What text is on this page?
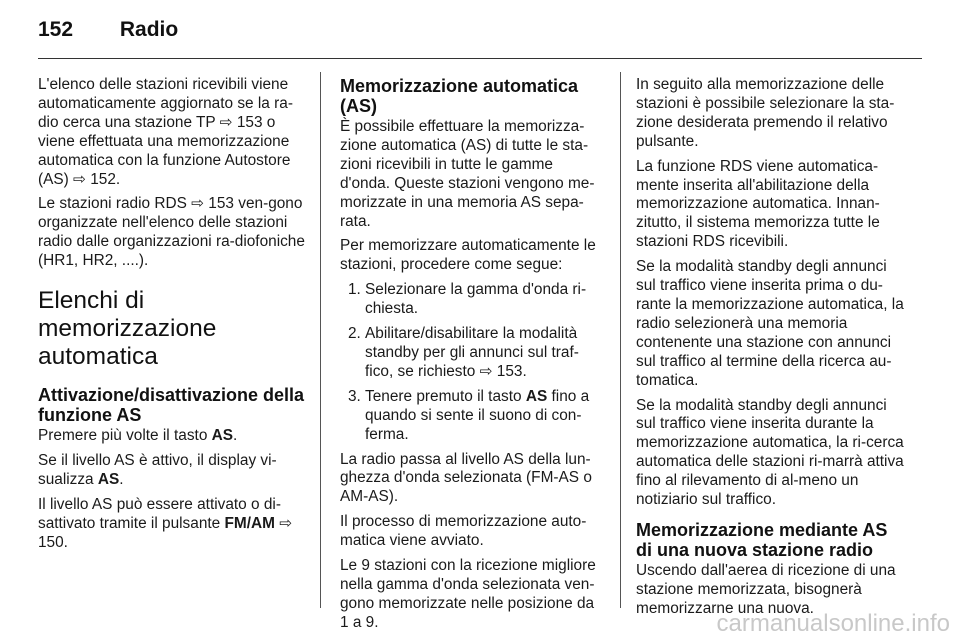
152 Radio

L'elenco delle stazioni ricevibili viene automaticamente aggiornato se la ra-dio cerca una stazione TP ⇨ 153 o viene effettuata una memorizzazione automatica con la funzione Autostore (AS) ⇨ 152.

Le stazioni radio RDS ⇨ 153 ven-gono organizzate nell'elenco delle stazioni radio dalle organizzazioni ra-diofoniche (HR1, HR2, ....).

Elenchi di memorizzazione automatica
Attivazione/disattivazione della funzione AS

Premere più volte il tasto AS.

Se il livello AS è attivo, il display vi-sualizza AS.

Il livello AS può essere attivato o di-sattivato tramite il pulsante FM/AM ⇨ 150.

Memorizzazione automatica (AS)

È possibile effettuare la memorizza-zione automatica (AS) di tutte le sta-zioni ricevibili in tutte le gamme d'onda. Queste stazioni vengono me-morizzate in una memoria AS sepa-rata.

Per memorizzare automaticamente le stazioni, procedere come segue:

1. Selezionare la gamma d'onda ri-chiesta.
2. Abilitare/disabilitare la modalità standby per gli annunci sul traf-fico, se richiesto ⇨ 153.
3. Tenere premuto il tasto AS fino a quando si sente il suono di con-ferma.

La radio passa al livello AS della lun-ghezza d'onda selezionata (FM-AS o AM-AS).

Il processo di memorizzazione auto-matica viene avviato.

Le 9 stazioni con la ricezione migliore nella gamma d'onda selezionata ven-gono memorizzate nelle posizione da 1 a 9.

In seguito alla memorizzazione delle stazioni è possibile selezionare la sta-zione desiderata premendo il relativo pulsante.

La funzione RDS viene automatica-mente inserita all'abilitazione della memorizzazione automatica. Innan-zitutto, il sistema memorizza tutte le stazioni RDS ricevibili.

Se la modalità standby degli annunci sul traffico viene inserita prima o du-rante la memorizzazione automatica, la radio selezionerà una memoria contenente una stazione con annunci sul traffico al termine della ricerca au-tomatica.

Se la modalità standby degli annunci sul traffico viene inserita durante la memorizzazione automatica, la ri-cerca automatica delle stazioni ri-marrà attiva fino al rilevamento di al-meno un notiziario sul traffico.

Memorizzazione mediante AS di una nuova stazione radio

Uscendo dall'aerea di ricezione di una stazione memorizzata, bisognerà memorizzarne una nuova.

carmanualsonline.info
